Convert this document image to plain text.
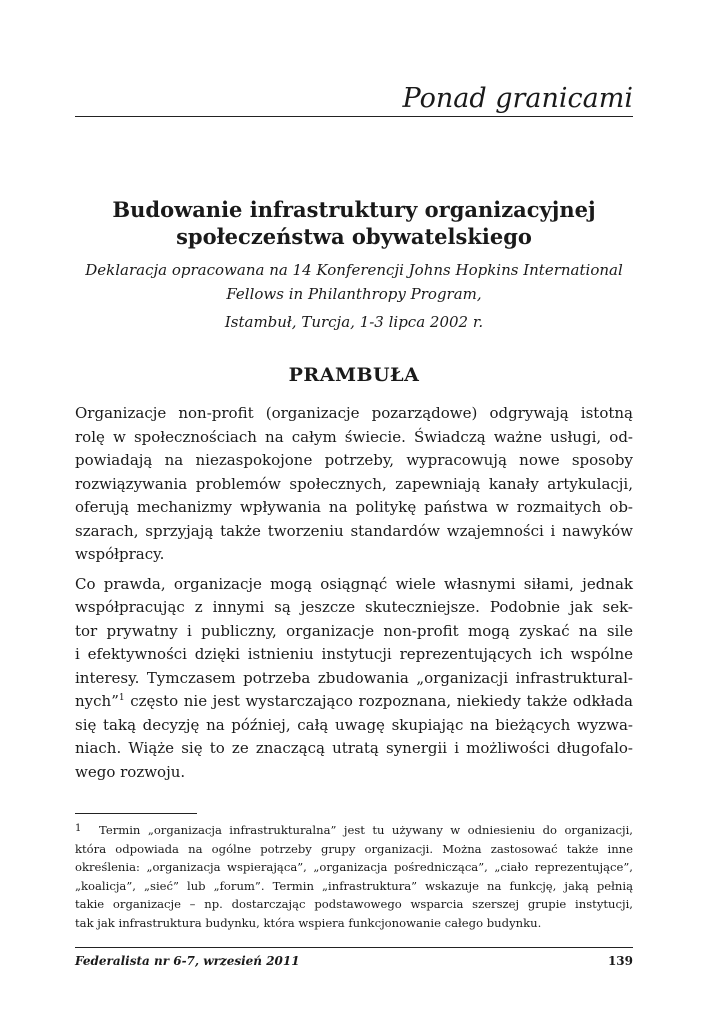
Ponad granicami
Budowanie infrastruktury organizacyjnej
społeczeństwa obywatelskiego
Deklaracja opracowana na 14 Konferencji Johns Hopkins International
Fellows in Philanthropy Program,
Istambuł, Turcja, 1-3 lipca 2002 r.
PRAMBUŁA

Organizacje non-profit (organizacje pozarządowe) odgrywają istotną

rolę w społecznościach na całym świecie. Świadczą ważne usługi, od-

powiadają na niezaspokojone potrzeby, wypracowują nowe sposoby

rozwiązywania problemów społecznych, zapewniają kanały artykulacji,

oferują mechanizmy wpływania na politykę państwa w rozmaitych ob-

szarach, sprzyjają także tworzeniu standardów wzajemności i nawyków

współpracy.

Co prawda, organizacje mogą osiągnąć wiele własnymi siłami, jednak

współpracując z innymi są jeszcze skuteczniejsze. Podobnie jak sek-

tor prywatny i publiczny, organizacje non-profit mogą zyskać na sile

i efektywności dzięki istnieniu instytucji reprezentujących ich wspólne

interesy. Tymczasem potrzeba zbudowania „organizacji infrastruktural-

nych”$^1$ często nie jest wystarczająco rozpoznana, niekiedy także odkłada

się taką decyzję na później, całą uwagę skupiając na bieżących wyzwa-

niach. Wiąże się to ze znaczącą utratą synergii i możliwości długofalo-

wego rozwoju.

1 Termin „organizacja infrastrukturalna” jest tu używany w odniesieniu do organizacji,

która odpowiada na ogólne potrzeby grupy organizacji. Można zastosować także inne

określenia: „organizacja wspierająca”, „organizacja pośrednicząca”, „ciało reprezentujące”,

„koalicja”, „sieć” lub „forum”. Termin „infrastruktura” wskazuje na funkcję, jaką pełnią

takie organizacje – np. dostarczając podstawowego wsparcia szerszej grupie instytucji,

tak jak infrastruktura budynku, która wspiera funkcjonowanie całego budynku.

Federalista nr 6-7, wrzesień 2011	139
